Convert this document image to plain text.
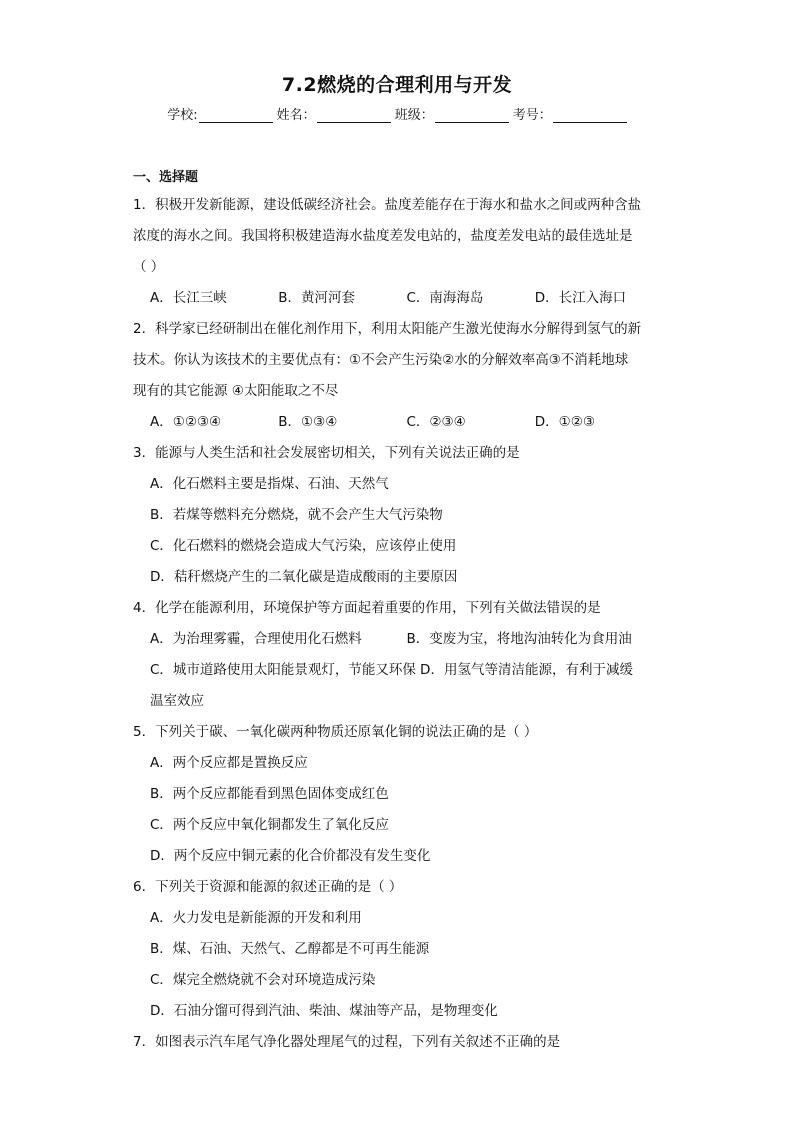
7.2燃烧的合理利用与开发
学校:	姓名：	班级：	考号：
一、选择题
1．积极开发新能源，建设低碳经济社会。盐度差能存在于海水和盐水之间或两种含盐
浓度的海水之间。我国将积极建造海水盐度差发电站的，盐度差发电站的最佳选址是
（ ）
A．长江三峡	B．黄河河套	C．南海海岛	D．长江入海口
2．科学家已经研制出在催化剂作用下，利用太阳能产生激光使海水分解得到氢气的新
技术。你认为该技术的主要优点有：①不会产生污染②水的分解效率高③不消耗地球
现有的其它能源 ④太阳能取之不尽
A．①②③④	B．①③④	C．②③④	D．①②③
3．能源与人类生活和社会发展密切相关，下列有关说法正确的是
A．化石燃料主要是指煤、石油、天然气
B．若煤等燃料充分燃烧，就不会产生大气污染物
C．化石燃料的燃烧会造成大气污染，应该停止使用
D．秸秆燃烧产生的二氧化碳是造成酸雨的主要原因
4．化学在能源利用，环境保护等方面起着重要的作用，下列有关做法错误的是
A．为治理雾霾，合理使用化石燃料	B．变废为宝，将地沟油转化为食用油
C．城市道路使用太阳能景观灯，节能又环保 D．用氢气等清洁能源，有利于减缓
温室效应
5．下列关于碳、一氧化碳两种物质还原氧化铜的说法正确的是（ ）
A．两个反应都是置换反应
B．两个反应都能看到黑色固体变成红色
C．两个反应中氧化铜都发生了氧化反应
D．两个反应中铜元素的化合价都没有发生变化
6．下列关于资源和能源的叙述正确的是（ ）
A．火力发电是新能源的开发和利用
B．煤、石油、天然气、乙醇都是不可再生能源
C．煤完全燃烧就不会对环境造成污染
D．石油分馏可得到汽油、柴油、煤油等产品，是物理变化
7．如图表示汽车尾气净化器处理尾气的过程，下列有关叙述不正确的是
